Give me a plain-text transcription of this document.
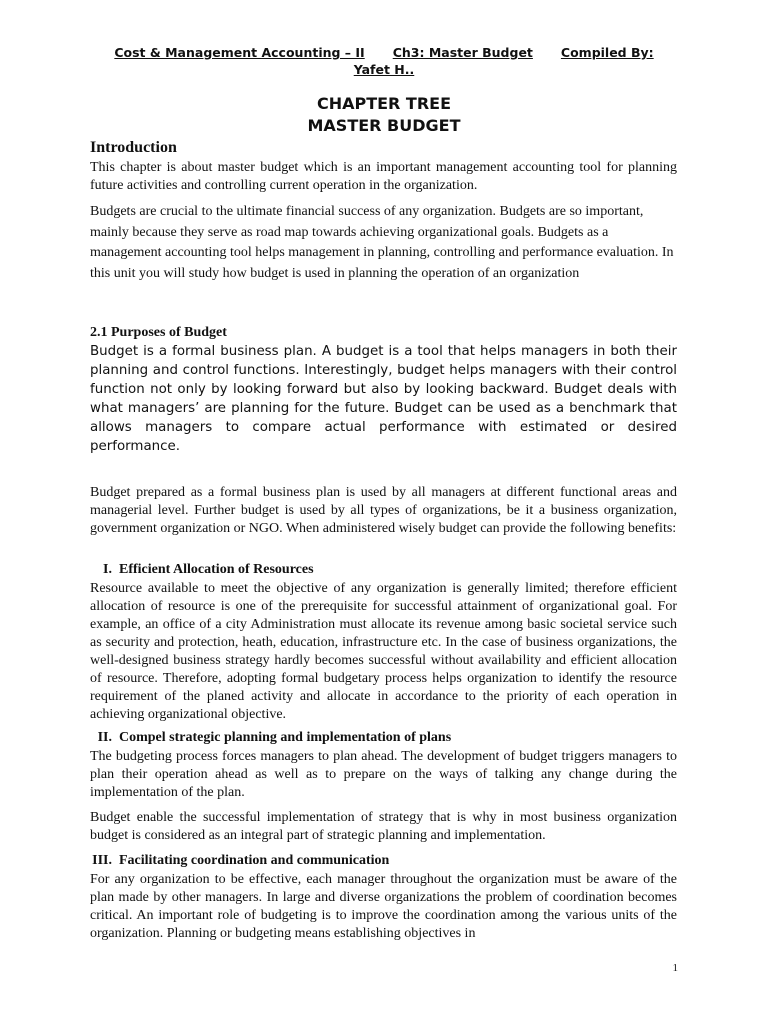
Cost & Management Accounting – II Ch3: Master Budget Compiled By:
Yafet H..
CHAPTER TREE
MASTER BUDGET
Introduction

This chapter is about master budget which is an important management accounting tool for planning future activities and controlling current operation in the organization.

Budgets are crucial to the ultimate financial success of any organization. Budgets are so important, mainly because they serve as road map towards achieving organizational goals. Budgets as a management accounting tool helps management in planning, controlling and performance evaluation. In this unit you will study how budget is used in planning the operation of an organization

2.1 Purposes of Budget

Budget is a formal business plan. A budget is a tool that helps managers in both their planning and control functions. Interestingly, budget helps managers with their control function not only by looking forward but also by looking backward. Budget deals with what managers’ are planning for the future. Budget can be used as a benchmark that allows managers to compare actual performance with estimated or desired performance.

Budget prepared as a formal business plan is used by all managers at different functional areas and managerial level. Further budget is used by all types of organizations, be it a business organization, government organization or NGO. When administered wisely budget can provide the following benefits:

I. Efficient Allocation of Resources

Resource available to meet the objective of any organization is generally limited; therefore efficient allocation of resource is one of the prerequisite for successful attainment of organizational goal. For example, an office of a city Administration must allocate its revenue among basic societal service such as security and protection, heath, education, infrastructure etc. In the case of business organizations, the well-designed business strategy hardly becomes successful without availability and efficient allocation of resource. Therefore, adopting formal budgetary process helps organization to identify the resource requirement of the planed activity and allocate in accordance to the priority of each operation in achieving organizational objective.

II. Compel strategic planning and implementation of plans

The budgeting process forces managers to plan ahead. The development of budget triggers managers to plan their operation ahead as well as to prepare on the ways of talking any change during the implementation of the plan.

Budget enable the successful implementation of strategy that is why in most business organization budget is considered as an integral part of strategic planning and implementation.

III. Facilitating coordination and communication

For any organization to be effective, each manager throughout the organization must be aware of the plan made by other managers. In large and diverse organizations the problem of coordination becomes critical. An important role of budgeting is to improve the coordination among the various units of the organization. Planning or budgeting means establishing objectives in

1
